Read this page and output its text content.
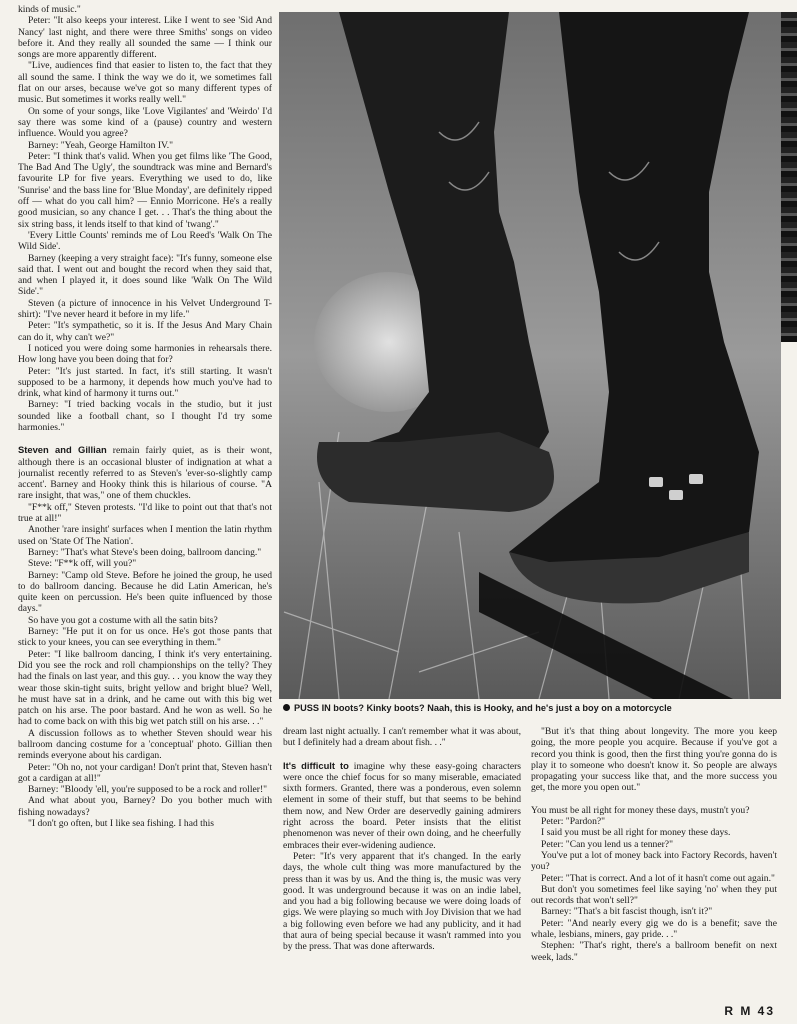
kinds of music."

Peter: "It also keeps your interest. Like I went to see 'Sid And Nancy' last night, and there were three Smiths' songs on video before it. And they really all sounded the same — I think our songs are more apparently different.

"Live, audiences find that easier to listen to, the fact that they all sound the same. I think the way we do it, we sometimes fall flat on our arses, because we've got so many different types of music. But sometimes it works really well."

On some of your songs, like 'Love Vigilantes' and 'Weirdo' I'd say there was some kind of a (pause) country and western influence. Would you agree?

Barney: "Yeah, George Hamilton IV."

Peter: "I think that's valid. When you get films like 'The Good, The Bad And The Ugly', the soundtrack was mine and Bernard's favourite LP for five years. Everything we used to do, like 'Sunrise' and the bass line for 'Blue Monday', are definitely ripped off — what do you call him? — Ennio Morricone. He's a really good musician, so any chance I get. . . That's the thing about the six string bass, it lends itself to that kind of 'twang'."

'Every Little Counts' reminds me of Lou Reed's 'Walk On The Wild Side'.

Barney (keeping a very straight face): "It's funny, someone else said that. I went out and bought the record when they said that, and when I played it, it does sound like 'Walk On The Wild Side'."

Steven (a picture of innocence in his Velvet Underground T-shirt): "I've never heard it before in my life."

Peter: "It's sympathetic, so it is. If the Jesus And Mary Chain can do it, why can't we?"

I noticed you were doing some harmonies in rehearsals there. How long have you been doing that for?

Peter: "It's just started. In fact, it's still starting. It wasn't supposed to be a harmony, it depends how much you've had to drink, what kind of harmony it turns out."

Barney: "I tried backing vocals in the studio, but it just sounded like a football chant, so I thought I'd try some harmonies."

Steven and Gillian remain fairly quiet, as is their wont, although there is an occasional bluster of indignation at what a journalist recently referred to as Steven's 'ever-so-slightly camp accent'. Barney and Hooky think this is hilarious of course. "A rare insight, that was," one of them chuckles.

"F**k off," Steven protests. "I'd like to point out that that's not true at all!"

Another 'rare insight' surfaces when I mention the latin rhythm used on 'State Of The Nation'.

Barney: "That's what Steve's been doing, ballroom dancing."

Steve: "F**k off, will you?"

Barney: "Camp old Steve. Before he joined the group, he used to do ballroom dancing. Because he did Latin American, he's quite keen on percussion. He's been quite influenced by those days."

So have you got a costume with all the satin bits?

Barney: "He put it on for us once. He's got those pants that stick to your knees, you can see everything in them."

Peter: "I like ballroom dancing, I think it's very entertaining. Did you see the rock and roll championships on the telly? They had the finals on last year, and this guy. . . you know the way they wear those skin-tight suits, bright yellow and bright blue? Well, he must have sat in a drink, and he came out with this big wet patch on his arse. The poor bastard. And he won as well. So he had to come back on with this big wet patch still on his arse. . ."

A discussion follows as to whether Steven should wear his ballroom dancing costume for a 'conceptual' photo. Gillian then reminds everyone about his cardigan.

Peter: "Oh no, not your cardigan! Don't print that, Steven hasn't got a cardigan at all!"

Barney: "Bloody 'ell, you're supposed to be a rock and roller!"

And what about you, Barney? Do you bother much with fishing nowadays?

"I don't go often, but I like sea fishing. I had this

PUSS IN boots? Kinky boots? Naah, this is Hooky, and he's just a boy on a motorcycle

dream last night actually. I can't remember what it was about, but I definitely had a dream about fish. . ."

It's difficult to imagine why these easy-going characters were once the chief focus for so many miserable, emaciated sixth formers. Granted, there was a ponderous, even solemn element in some of their stuff, but that seems to be behind them now, and New Order are deservedly gaining admirers right across the board. Peter insists that the elitist phenomenon was never of their own doing, and he cheerfully embraces their ever-widening audience.

Peter: "It's very apparent that it's changed. In the early days, the whole cult thing was more manufactured by the press than it was by us. And the thing is, the music was very good. It was underground because it was on an indie label, and you had a big following because we were doing loads of gigs. We were playing so much with Joy Division that we had a big following even before we had any publicity, and it had that aura of being special because it wasn't rammed into you by the press. That was done afterwards.

"But it's that thing about longevity. The more you keep going, the more people you acquire. Because if you've got a record you think is good, then the first thing you're gonna do is play it to someone who doesn't know it. So people are always propagating your success like that, and the more success you get, the more you open out."

You must be all right for money these days, mustn't you?

Peter: "Pardon?"

I said you must be all right for money these days.

Peter: "Can you lend us a tenner?"

You've put a lot of money back into Factory Records, haven't you?

Peter: "That is correct. And a lot of it hasn't come out again."

But don't you sometimes feel like saying 'no' when they put out records that won't sell?"

Barney: "That's a bit fascist though, isn't it?"

Peter: "And nearly every gig we do is a benefit; save the whale, lesbians, miners, gay pride. . ."

Stephen: "That's right, there's a ballroom benefit on next week, lads."

R M 43
